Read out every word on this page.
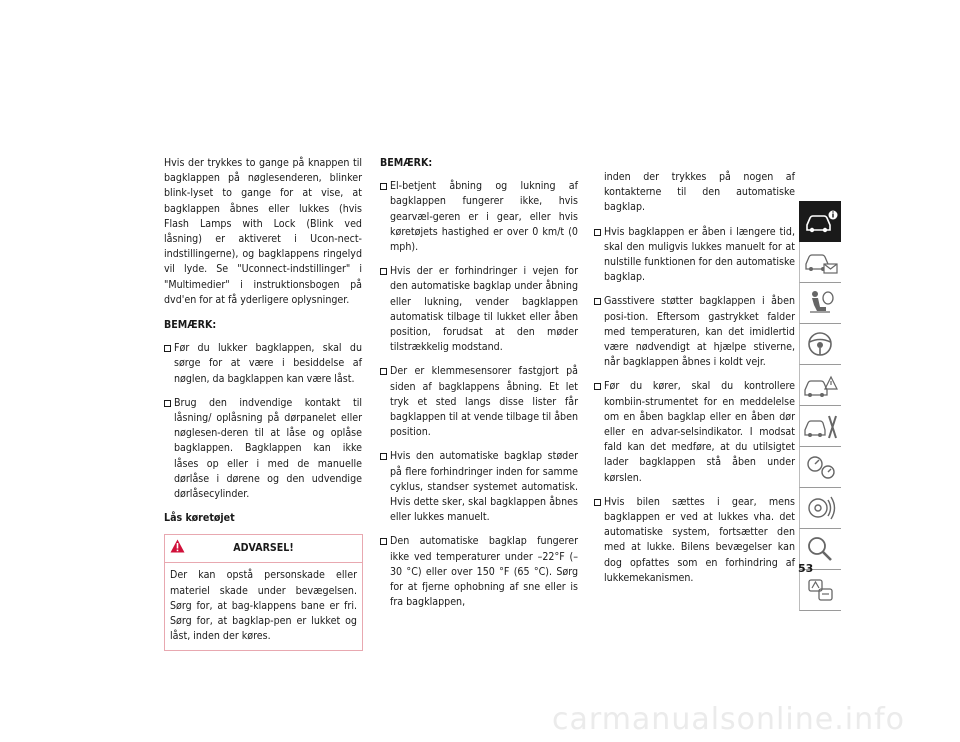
Hvis der trykkes to gange på knappen til bagklappen på nøglesenderen, blinker blink-lyset to gange for at vise, at bagklappen åbnes eller lukkes (hvis Flash Lamps with Lock (Blink ved låsning) er aktiveret i Ucon-nect-indstillingerne), og bagklappens ringelyd vil lyde. Se "Uconnect-indstillinger" i "Multimedier" i instruktionsbogen på dvd'en for at få yderligere oplysninger.

BEMÆRK:

Før du lukker bagklappen, skal du sørge for at være i besiddelse af nøglen, da bagklappen kan være låst.
Brug den indvendige kontakt til låsning/ oplåsning på dørpanelet eller nøglesen-deren til at låse og oplåse bagklappen. Bagklappen kan ikke låses op eller i med de manuelle dørlåse i dørene og den udvendige dørlåsecylinder.

Lås køretøjet

ADVARSEL!
Der kan opstå personskade eller materiel skade under bevægelsen. Sørg for, at bag-klappens bane er fri. Sørg for, at bagklap-pen er lukket og låst, inden der køres.

BEMÆRK:

El-betjent åbning og lukning af bagklappen fungerer ikke, hvis gearvæl-geren er i gear, eller hvis køretøjets hastighed er over 0 km/t (0 mph).
Hvis der er forhindringer i vejen for den automatiske bagklap under åbning eller lukning, vender bagklappen automatisk tilbage til lukket eller åben position, forudsat at den møder tilstrækkelig modstand.
Der er klemmesensorer fastgjort på siden af bagklappens åbning. Et let tryk et sted langs disse lister får bagklappen til at vende tilbage til åben position.
Hvis den automatiske bagklap støder på flere forhindringer inden for samme cyklus, standser systemet automatisk. Hvis dette sker, skal bagklappen åbnes eller lukkes manuelt.
Den automatiske bagklap fungerer ikke ved temperaturer under –22°F (–30 °C) eller over 150 °F (65 °C). Sørg for at fjerne ophobning af sne eller is fra bagklappen,

inden der trykkes på nogen af kontakterne til den automatiske bagklap.

Hvis bagklappen er åben i længere tid, skal den muligvis lukkes manuelt for at nulstille funktionen for den automatiske bagklap.
Gasstivere støtter bagklappen i åben posi-tion. Eftersom gastrykket falder med temperaturen, kan det imidlertid være nødvendigt at hjælpe stiverne, når bagklappen åbnes i koldt vejr.
Før du kører, skal du kontrollere kombiin-strumentet for en meddelelse om en åben bagklap eller en åben dør eller en advar-selsindikator. I modsat fald kan det medføre, at du utilsigtet lader bagklappen stå åben under kørslen.
Hvis bilen sættes i gear, mens bagklappen er ved at lukkes vha. det automatiske system, fortsætter den med at lukke. Bilens bevægelser kan dog opfattes som en forhindring af lukkemekanismen.
53
carmanualsonline.info
